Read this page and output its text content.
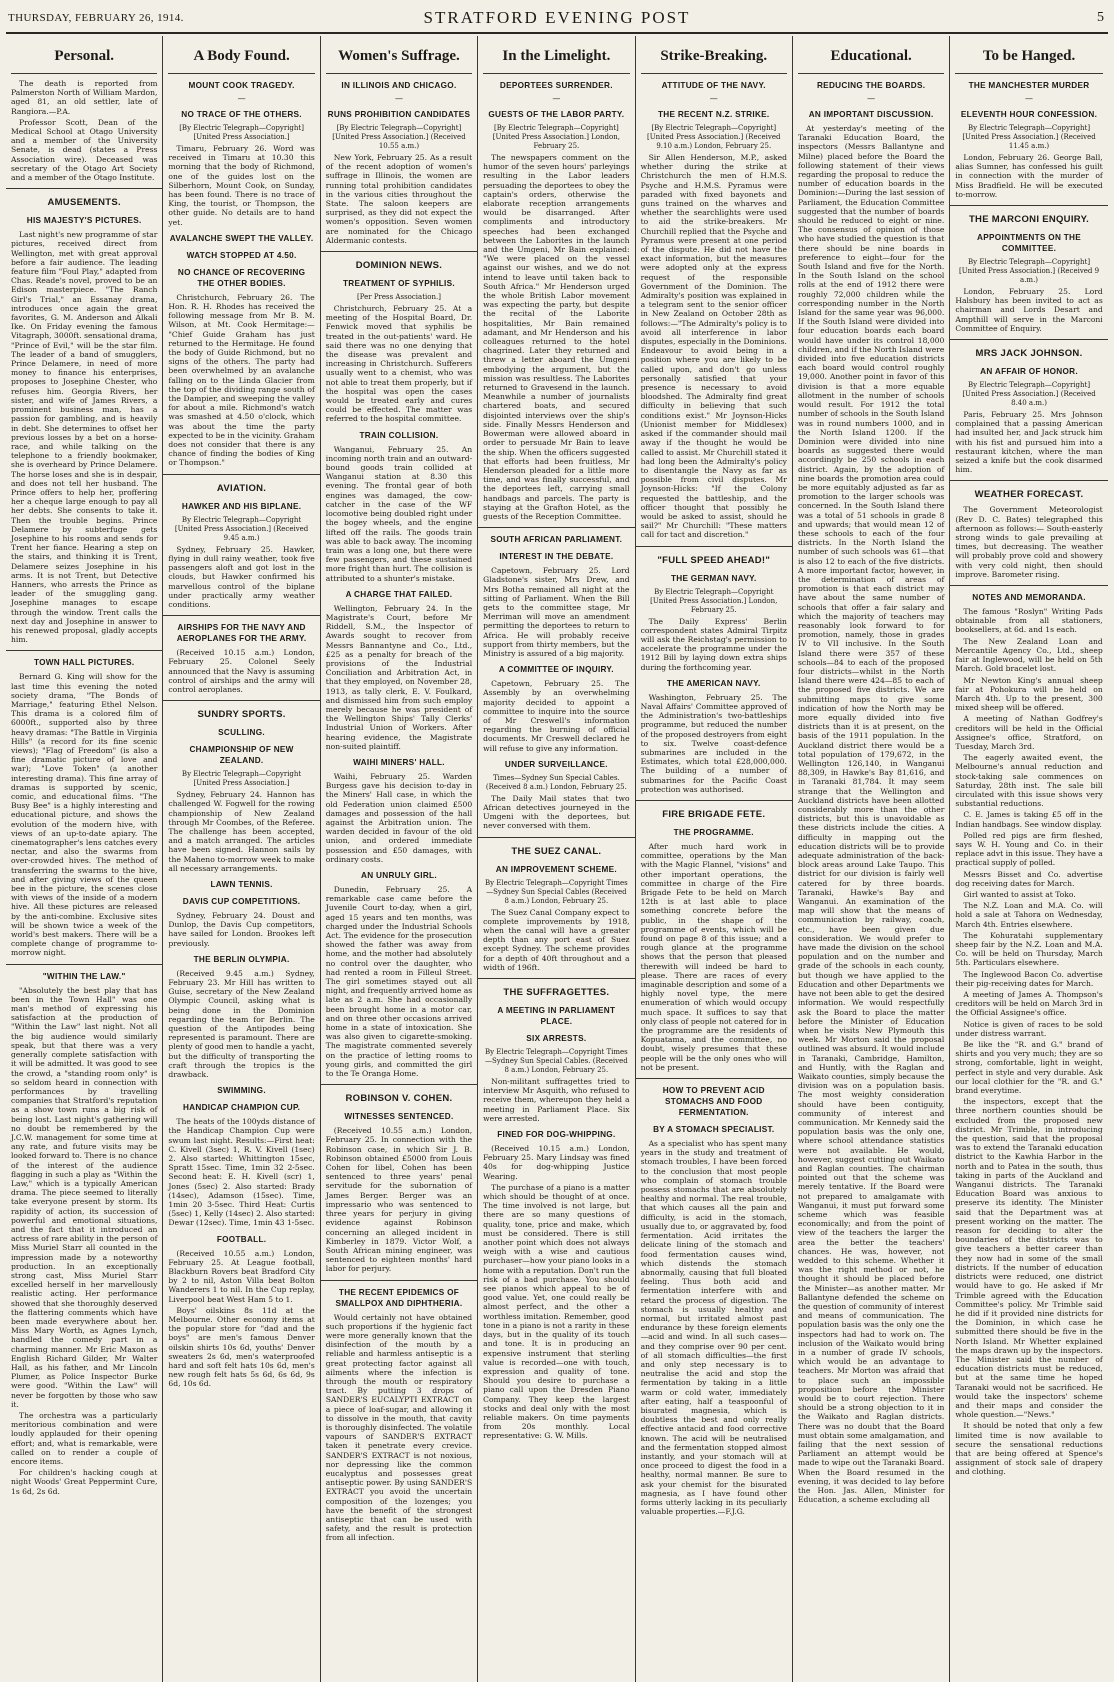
THURSDAY, FEBRUARY 26, 1914.	STRATFORD EVENING POST	5
Personal.
The death is reported from Palmerston North of William Mardon, aged 81, an old settler, late of Rangiora.—P.A.
Professor Scott, Dean of the Medical School at Otago University and a member of the University Senate, is dead (states a Press Association wire). Deceased was secretary of the Otago Art Society and a member of the Otago Institute.
AMUSEMENTS.
HIS MAJESTY'S PICTURES.
Last night's new programme of star pictures, received direct from Wellington, met with great approval before a fair audience. The leading feature film "Foul Play," adapted from Chas. Reade's novel, proved to be an Edison masterpiece. "The Ranch Girl's Trial," an Essanay drama, introduces once again the great favorites, G. M. Anderson and Alkali Ike. On Friday evening the famous Vitagraph, 3000ft. sensational drama, "Prince of Evil," will be the star film. The leader of a band of smugglers, Prince Delamere, in need of more money to finance his enterprises, proposes to Josephine Chester, who refuses him. Georgia Rivers, her sister, and wife of James Rivers, a prominent business man, has a passion for gambling, and is heavily in debt. She determines to offset her previous losses by a bet on a horse-race, and while talking on the telephone to a friendly bookmaker, she is overheard by Prince Delamere. The horse loses and she is in despair, and does not tell her husband. The Prince offers to help her, proffering her a cheque large enough to pay all her debts. She consents to take it. Then the trouble begins. Prince Delamere by subterfuge gets Josephine to his rooms and sends for Trent her fiance. Hearing a step on the stairs, and thinking it is Trent, Delamere seizes Josephine in his arms. It is not Trent, but Detective Hanners, who arrests the Prince as leader of the smuggling gang. Josephine manages to escape through the window. Trent calls the next day and Josephine in answer to his renewed proposal, gladly accepts him.
TOWN HALL PICTURES.
Bernard G. King will show for the last time this evening the noted society drama, "The Bonds of Marriage," featuring Ethel Nelson. This drama is a colored film of 6000ft., supported also by three heavy dramas: "The Battle in Virginia Hills" (a record for its fine scenic views); "Flag of Freedom" (is also a fine dramatic picture of love and war); "Love Token" (a another interesting drama). This fine array of dramas is supported by scenic, comic, and educational films. "The Busy Bee" is a highly interesting and educational picture, and shows the evolution of the modern hive, with views of an up-to-date apiary. The cinematographer's lens catches every nectar, and also the swarms from over-crowded hives. The method of transferring the swarms to the hive, and after giving views of the queen bee in the picture, the scenes close with views of the inside of a modern hive. All these pictures are released by the anti-combine. Exclusive sites will be shown twice a week of the world's best makers. There will be a complete change of programme to-morrow night.
"WITHIN THE LAW."
"Absolutely the best play that has been in the Town Hall" was one man's method of expressing his satisfaction at the production of "Within the Law" last night. Not all the big audience would similarly speak, but that there was a very generally complete satisfaction with it will be admitted. It was good to see the crowd, a "standing room only" is so seldom heard in connection with performances by travelling companies that Stratford's reputation as a show town runs a big risk of being lost. Last night's gathering will no doubt be remembered by the J.C.W. management for some time at any rate, and future visits may be looked forward to. There is no chance of the interest of the audience flagging in such a play as "Within the Law," which is a typically American drama. The piece seemed to literally take everyone present by storm. Its rapidity of action, its succession of powerful and emotional situations, and the fact that it introduced an actress of rare ability in the person of Miss Muriel Starr all counted in the impression made by a noteworthy production. In an exceptionally strong cast, Miss Muriel Starr excelled herself in her marvellously realistic acting. Her performance showed that she thoroughly deserved the flattering comments which have been made everywhere about her. Miss Mary Worth, as Agnes Lynch, handled the comedy part in a charming manner. Mr Eric Maxon as English Richard Gilder, Mr Walter Hall, as his father, and Mr Lincoln Plumer, as Police Inspector Burke were good. "Within the Law" will never be forgotten by those who saw it.
The orchestra was a particularly meritorious combination and were loudly applauded for their opening effort; and, what is remarkable, were called on to render a couple of encore items.
For children's hacking cough at night Woods' Great Peppermint Cure, 1s 6d, 2s 6d.
A Body Found.
MOUNT COOK TRAGEDY.
—
NO TRACE OF THE OTHERS.
[By Electric Telegraph—Copyright] [United Press Association.]
Timaru, February 26. Word was received in Timaru at 10.30 this morning that the body of Richmond, one of the guides lost on the Silberhorn, Mount Cook, on Sunday, has been found. There is no trace of King, the tourist, or Thompson, the other guide. No details are to hand yet.
AVALANCHE SWEPT THE VALLEY.
WATCH STOPPED AT 4.50.
NO CHANCE OF RECOVERING THE OTHER BODIES.
Christchurch, February 26. The Hon. R. H. Rhodes has received the following message from Mr B. M. Wilson, at Mt. Cook Hermitage:— "Chief Guide Graham has just returned to the Hermitage. He found the body of Guide Richmond, but no signs of the others. The party had been overwhelmed by an avalanche falling on to the Linda Glacier from the top of the dividing range south of the Dampier, and sweeping the valley for about a mile. Richmond's watch was smashed at 4.50 o'clock, which was about the time the party expected to be in the vicinity. Graham does not consider that there is any chance of finding the bodies of King or Thompson."
AVIATION.
HAWKER AND HIS BIPLANE.
By Electric Telegraph—Copyright [United Press Association.] (Received 9.45 a.m.)
Sydney, February 25. Hawker, flying in dull rainy weather, took five passengers aloft and got lost in the clouds, but Hawker confirmed his marvellous control of the biplane under practically army weather conditions.
AIRSHIPS FOR THE NAVY AND AEROPLANES FOR THE ARMY.
(Received 10.15 a.m.) London, February 25. Colonel Seely announced that the Navy is assuming control of airships and the army will control aeroplanes.
SUNDRY SPORTS.
SCULLING.
CHAMPIONSHIP OF NEW ZEALAND.
By Electric Telegraph—Copyright [United Press Association.]
Sydney, February 24. Hannon has challenged W. Fogwell for the rowing championship of New Zealand through Mr Coombes, of the Referee. The challenge has been accepted, and a match arranged. The articles have been signed. Hannon sails by the Maheno to-morrow week to make all necessary arrangements.
LAWN TENNIS.
DAVIS CUP COMPETITIONS.
Sydney, February 24. Doust and Dunlop, the Davis Cup competitors, have sailed for London. Brookes left previously.
THE BERLIN OLYMPIA.
(Received 9.45 a.m.) Sydney, February 23. Mr Hill has written to Guise, secretary of the New Zealand Olympic Council, asking what is being done in the Dominion regarding the team for Berlin. The question of the Antipodes being represented is paramount. There are plenty of good men to handle a yacht, but the difficulty of transporting the craft through the tropics is the drawback.
SWIMMING.
HANDICAP CHAMPION CUP.
The heats of the 100yds distance of the Handicap Champion Cup were swum last night. Results:—First heat: C. Kivell (3sec) 1, R. V. Kivell (1sec) 2. Also started: Whittington 15sec, Spratt 15sec. Time, 1min 32 2-5sec. Second heat: E. H. Kivell (scr) 1, Jones (5sec) 2. Also started: Brady (14sec), Adamson (15sec). Time, 1min 20 3-5sec. Third Heat: Curtis (5sec) 1, Kelly (14sec) 2. Also started: Dewar (12sec). Time, 1min 43 1-5sec.
FOOTBALL.
(Received 10.55 a.m.) London, February 25. At League football, Blackburn Rovers beat Bradford City by 2 to nil, Aston Villa beat Bolton Wanderers 1 to nil. In the Cup replay, Liverpool beat West Ham 5 to 1.
Boys' oilskins 8s 11d at the Melbourne. Other economy items at the popular store for "dad and the boys" are men's famous Denver oilskin shirts 10s 6d, youths' Denver sweaters 2s 6d, men's waterproofed hard and soft felt hats 10s 6d, men's new rough felt hats 5s 6d, 6s 6d, 9s 6d, 10s 6d.
Women's Suffrage.
IN ILLINOIS AND CHICAGO.
—
RUNS PROHIBITION CANDIDATES
[By Electric Telegraph—Copyright] [United Press Association.] (Received 10.55 a.m.)
New York, February 25. As a result of the recent adoption of women's suffrage in Illinois, the women are running total prohibition candidates in the various cities throughout the State. The saloon keepers are surprised, as they did not expect the women's opposition. Seven women are nominated for the Chicago Aldermanic contests.
DOMINION NEWS.
TREATMENT OF SYPHILIS.
[Per Press Association.]
Christchurch, February 25. At a meeting of the Hospital Board, Dr. Fenwick moved that syphilis be treated in the out-patients' ward. He said there was no one denying that the disease was prevalent and increasing in Christchurch. Sufferers usually went to a chemist, who was not able to treat them properly, but if the hospital was open the cases would be treated early and cures could be effected. The matter was referred to the hospital committee.
TRAIN COLLISION.
Wanganui, February 25. An incoming north train and an outward-bound goods train collided at Wanganui station at 8.30 this evening. The frontal gear of both engines was damaged, the cow-catcher in the case of the WF locomotive being doubled right under the bogey wheels, and the engine lifted off the rails. The goods train was able to back away. The incoming train was a long one, but there were few passengers, and these sustained more fright than hurt. The collision is attributed to a shunter's mistake.
A CHARGE THAT FAILED.
Wellington, February 24. In the Magistrate's Court, before Mr Riddell, S.M., the Inspector of Awards sought to recover from Messrs Bannantyne and Co., Ltd., £25 as a penalty for breach of the provisions of the Industrial Conciliation and Arbitration Act, in that they employed, on November 28, 1913, as tally clerk, E. V. Foulkard, and dismissed him from such employ merely because he was president of the Wellington Ships' Tally Clerks' Industrial Union of Workers. After hearing evidence, the Magistrate non-suited plaintiff.
WAIHI MINERS' HALL.
Waihi, February 25. Warden Burgess gave his decision to-day in the Miners' Hall case, in which the old Federation union claimed £500 damages and possession of the hall against the Arbitration union. The warden decided in favour of the old union, and ordered immediate possession and £50 damages, with ordinary costs.
AN UNRULY GIRL.
Dunedin, February 25. A remarkable case came before the Juvenile Court to-day, when a girl, aged 15 years and ten months, was charged under the Industrial Schools Act. The evidence for the prosecution showed the father was away from home, and the mother had absolutely no control over the daughter, who had rented a room in Filleul Street. The girl sometimes stayed out all night, and frequently arrived home as late as 2 a.m. She had occasionally been brought home in a motor car, and on three other occasions arrived home in a state of intoxication. She was also given to cigarette-smoking. The magistrate commented severely on the practice of letting rooms to young girls, and committed the girl to the Te Oranga Home.
ROBINSON V. COHEN.
WITNESSES SENTENCED.
(Received 10.55 a.m.) London, February 25. In connection with the Robinson case, in which Sir J. B. Robinson obtained £5000 from Louis Cohen for libel, Cohen has been sentenced to three years' penal servitude for the subornation of James Berger. Berger was an impressario who was sentenced to three years for perjury in giving evidence against Robinson concerning an alleged incident in Kimberley in 1879. Victor Wolf, a South African mining engineer, was sentenced to eighteen months' hard labor for perjury.
THE RECENT EPIDEMICS OF SMALLPOX AND DIPHTHERIA.
Would certainly not have obtained such proportions if the hygienic fact were more generally known that the disinfection of the mouth by a reliable and harmless antiseptic is a great protecting factor against all ailments where the infection is through the mouth or respiratory tract. By putting 3 drops of SANDER'S EUCALYPTI EXTRACT on a piece of loaf-sugar, and allowing it to dissolve in the mouth, that cavity is thoroughly disinfected. The volatile vapours of SANDER'S EXTRACT taken it penetrate every crevice. SANDER'S EXTRACT is not noxious, nor depressing like the common eucalyptus and possesses great antiseptic power. By using SANDER'S EXTRACT you avoid the uncertain composition of the lozenges; you have the benefit of the strongest antiseptic that can be used with safety, and the result is protection from all infection.
In the Limelight.
DEPORTEES SURRENDER.
—
GUESTS OF THE LABOR PARTY.
[By Electric Telegraph—Copyright] [United Press Association.] London, February 25.
The newspapers comment on the humor of the seven hours' parleyings resulting in the Labor leaders persuading the deportees to obey the captain's orders, otherwise the elaborate reception arrangements would be disarranged. After compliments and introductory speeches had been exchanged between the Laborites in the launch and the Umgeni, Mr Bain explained: "We were placed on the vessel against our wishes, and we do not intend to leave until taken back to South Africa." Mr Henderson urged the whole British Labor movement was expecting the party, but despite the recital of the Laborite hospitalities, Mr Bain remained adamant, and Mr Henderson and his colleagues returned to the hotel chagrined. Later they returned and threw a letter aboard the Umgeni embodying the argument, but the mission was resultless. The Laborites returned to Gravesend in the launch. Meanwhile a number of journalists chartered boats, and secured disjointed interviews over the ship's side. Finally Messrs Henderson and Bowerman were allowed aboard in order to persuade Mr Bain to leave the ship. When the officers suggested that efforts had been fruitless, Mr Henderson pleaded for a little more time, and was finally successful, and the deportees left, carrying small handbags and parcels. The party is staying at the Grafton Hotel, as the guests of the Reception Committee.
SOUTH AFRICAN PARLIAMENT.
INTEREST IN THE DEBATE.
Capetown, February 25. Lord Gladstone's sister, Mrs Drew, and Mrs Botha remained all night at the sitting of Parliament. When the Bill gets to the committee stage, Mr Merriman will move an amendment permitting the deportees to return to Africa. He will probably receive support from thirty members, but the Ministry is assured of a big majority.
A COMMITTEE OF INQUIRY.
Capetown, February 25. The Assembly by an overwhelming majority decided to appoint a committee to inquire into the source of Mr Creswell's information regarding the burning of official documents. Mr Creswell declared he will refuse to give any information.
UNDER SURVEILLANCE.
Times—Sydney Sun Special Cables. (Received 8 a.m.) London, February 25.
The Daily Mail states that two African detectives journeyed in the Umgeni with the deportees, but never conversed with them.
THE SUEZ CANAL.
AN IMPROVEMENT SCHEME.
By Electric Telegraph—Copyright Times—Sydney Sun Special Cables (Received 8 a.m.) London, February 25.
The Suez Canal Company expect to complete improvements by 1918, when the canal will have a greater depth than any port east of Suez except Sydney. The scheme provides for a depth of 40ft throughout and a width of 196ft.
THE SUFFRAGETTES.
A MEETING IN PARLIAMENT PLACE.
SIX ARRESTS.
By Electric Telegraph—Copyright Times—Sydney Sun Special Cables. (Received 8 a.m.) London, February 25.
Non-militant suffragettes tried to interview Mr Asquith, who refused to receive them, whereupon they held a meeting in Parliament Place. Six were arrested.
FINED FOR DOG-WHIPPING.
(Received 10.15 a.m.) London, February 25. Mary Lindsay was fined 40s for dog-whipping Justice Wearing.
The purchase of a piano is a matter which should be thought of at once. The time involved is not large, but there are so many questions of quality, tone, price and make, which must be considered. There is still another point which does not always weigh with a wise and cautious purchaser—how your piano looks in a home with a reputation. Don't run the risk of a bad purchase. You should see pianos which appeal to be of good value. Yet, one could really be almost perfect, and the other a worthless imitation. Remember, good tone in a piano is not a rarity in these days, but in the quality of its touch and tone. It is in producing an expensive instrument that sterling value is recorded—one with touch, expression and quality of tone. Should you desire to purchase a piano call upon the Dresden Piano Company. They keep the largest stocks and deal only with the most reliable makers. On time payments from 20s monthly. Local representative: G. W. Mills.
Strike-Breaking.
ATTITUDE OF THE NAVY.
—
THE RECENT N.Z. STRIKE.
[By Electric Telegraph—Copyright] [United Press Association.] (Received 9.10 a.m.) London, February 25.
Sir Allen Henderson, M.P., asked whether during the strike at Christchurch the men of H.M.S. Psyche and H.M.S. Pyramus were paraded with fixed bayonets and guns trained on the wharves and whether the searchlights were used to aid the strike-breakers. Mr Churchill replied that the Psyche and Pyramus were present at one period of the dispute. He did not have the exact information, but the measures were adopted only at the express request of the responsible Government of the Dominion. The Admiralty's position was explained in a telegram sent to the senior officer in New Zealand on October 28th as follows:—"The Admiralty's policy is to avoid all interference in labor disputes, especially in the Dominions. Endeavour to avoid being in a position where you are likely to be called upon, and don't go unless personally satisfied that your presence is necessary to avoid bloodshed. The Admiralty find great difficulty in believing that such conditions exist." Mr Joynson-Hicks (Unionist member for Middlesex) asked if the commander should mail away if the thought he would be called to assist. Mr Churchill stated it had long been the Admiralty's policy to disentangle the Navy as far as possible from civil disputes. Mr Joynson-Hicks: "If the Colony requested the battleship, and the officer thought that possibly he would be asked to assist, should he sail?" Mr Churchill: "These matters call for tact and discretion."
"FULL SPEED AHEAD!"
THE GERMAN NAVY.
By Electric Telegraph—Copyright [United Press Association.] London, February 25.
The Daily Express' Berlin correspondent states Admiral Tirpitz will ask the Reichstag's permission to accelerate the programme under the 1912 Bill by laying down extra ships during the forthcoming year.
THE AMERICAN NAVY.
Washington, February 25. The Naval Affairs' Committee approved of the Administration's two-battleships programme, but reduced the number of the proposed destroyers from eight to six. Twelve coast-defence submarines are included in the Estimates, which total £28,000,000. The building of a number of submarines for the Pacific Coast protection was authorised.
FIRE BRIGADE FETE.
THE PROGRAMME.
After much hard work in committee, operations by the Man with the Magic Flannel, "visions" and other important operations, the committee in charge of the Fire Brigade Fete to be held on March 12th is at last able to place something concrete before the public, in the shape of the programme of events, which will be found on page 8 of this issue; and a rough glance at the programme shows that the person that pleased therewith will indeed be hard to please. There are races of every imaginable description and some of a highly novel type, the mere enumeration of which would occupy much space. It suffices to say that only class of people not catered for in the programme are the residents of Kopuatama, and the committee, no doubt, wisely presumes that these people will be the only ones who will not be present.
HOW TO PREVENT ACID STOMACHS AND FOOD FERMENTATION.
BY A STOMACH SPECIALIST.
As a specialist who has spent many years in the study and treatment of stomach troubles, I have been forced to the conclusion that most people who complain of stomach trouble possess stomachs that are absolutely healthy and normal. The real trouble, that which causes all the pain and difficulty, is acid in the stomach, usually due to, or aggravated by, food fermentation. Acid irritates the delicate lining of the stomach and food fermentation causes wind, which distends the stomach abnormally, causing that full bloated feeling. Thus both acid and fermentation interfere with and retard the process of digestion. The stomach is usually healthy and normal, but irritated almost past endurance by these foreign elements—acid and wind. In all such cases—and they comprise over 90 per cent. of all stomach difficulties—the first and only step necessary is to neutralise the acid and stop the fermentation by taking in a little warm or cold water, immediately after eating, half a teaspoonful of bisurated magnesia, which is doubtless the best and only really effective antacid and food corrective known. The acid will be neutralised and the fermentation stopped almost instantly, and your stomach will at once proceed to digest the food in a healthy, normal manner. Be sure to ask your chemist for the bisurated magnesia, as I have found other forms utterly lacking in its peculiarly valuable properties.—F.J.G.
Educational.
REDUCING THE BOARDS.
—
AN IMPORTANT DISCUSSION.
At yesterday's meeting of the Taranaki Education Board, the inspectors (Messrs Ballantyne and Milne) placed before the Board the following statement of their views regarding the proposal to reduce the number of education boards in the Dominion:—During the last session of Parliament, the Education Committee suggested that the number of boards should be reduced to eight or nine. The consensus of opinion of those who have studied the question is that there should be nine boards in preference to eight—four for the South Island and five for the North. In the South Island on the school rolls at the end of 1912 there were roughly 72,000 children while the corresponding number in the North Island for the same year was 96,000. If the South Island were divided into four education boards each board would have under its control 18,000 children, and if the North Island were divided into five education districts each board would control roughly 19,000. Another point in favor of this division is that a more equable allotment in the number of schools would result. For 1912 the total number of schools in the South Island was in round numbers 1000, and in the North Island 1200. If the Dominion were divided into nine boards as suggested there would accordingly be 250 schools in each district. Again, by the adoption of nine boards the promotion area could be more equitably adjusted as far as promotion to the larger schools was concerned. In the South Island there was a total of 51 schools in grade 8 and upwards; that would mean 12 of these schools to each of the four districts. In the North Island the number of such schools was 61—that is also 12 to each of the five districts. A more important factor, however, in the determination of areas of promotion is that each district may have about the same number of schools that offer a fair salary and which the majority of teachers may reasonably look forward to for promotion, namely, those in grades IV to VII inclusive. In the South Island there were 357 of these schools—84 to each of the proposed four districts—whilst in the North Island there were 424—85 to each of the proposed five districts. We are submitting maps to give some indication of how the North may be more equally divided into five districts than it is at present, on the basis of the 1911 population. In the Auckland district there would be a total population of 179,672, in the Wellington 126,140, in Wanganui 88,309, in Hawke's Bay 81,616, and in Taranaki 81,784. It may seem strange that the Wellington and Auckland districts have been allotted considerably more than the other districts, but this is unavoidable as these districts include the cities. A difficulty in mapping out the education districts will be to provide adequate administration of the back-block areas around Lake Taupo. This district for our division is fairly well catered for by three boards. Taranaki, Hawke's Bay and Wanganui. An examination of the map will show that the means of communication by railway, coach, etc., have been given due consideration. We would prefer to have made the division on the school population and on the number and grade of the schools in each county, but though we have applied to the Education and other Departments we have not been able to get the desired information. We would respectfully ask the Board to place the matter before the Minister of Education when he visits New Plymouth this week. Mr Morton said the proposal outlined was absurd. It would include in Taranaki, Cambridge, Hamilton, and Huntly, with the Raglan and Waikato counties, simply because the division was on a population basis. The most weighty consideration should have been contiguity, community of interest and communication. Mr Kennedy said the population basis was the only one, where school attendance statistics were not available. He would, however, suggest cutting out Waikato and Raglan counties. The chairman pointed out that the scheme was merely tentative. If the Board were not prepared to amalgamate with Wanganui, it must put forward some scheme which was feasible economically; and from the point of view of the teachers the larger the area the better the teachers' chances. He was, however, not wedded to this scheme. Whether it was the right method or not, he thought it should be placed before the Minister—as another matter. Mr Ballantyne defended the scheme on the question of community of interest and means of communication. The population basis was the only one the inspectors had had to work on. The inclusion of the Waikato would bring in a number of grade IV schools, which would be an advantage to teachers. Mr Morton was afraid that to place such an impossible proposition before the Minister would be to court rejection. There should be a strong objection to it in the Waikato and Raglan districts. There was no doubt that the Board must obtain some amalgamation, and failing that the next session of Parliament an attempt would be made to wipe out the Taranaki Board. When the Board resumed in the evening, it was decided to lay before the Hon. Jas. Allen, Minister for Education, a scheme excluding all
To be Hanged.
THE MANCHESTER MURDER
—
ELEVENTH HOUR CONFESSION.
By Electric Telegraph—Copyright] [United Press Association.] (Received 11.45 a.m.)
London, February 26. George Ball, alias Sumner, has confessed his guilt in connection with the murder of Miss Bradfield. He will be executed to-morrow.
THE MARCONI ENQUIRY.
APPOINTMENTS ON THE COMMITTEE.
By Electric Telegraph—Copyright] [United Press Association.] (Received 9 a.m.)
London, February 25. Lord Halsbury has been invited to act as chairman and Lords Desart and Ampthill will serve in the Marconi Committee of Enquiry.
MRS JACK JOHNSON.
AN AFFAIR OF HONOR.
By Electric Telegraph—Copyright] [United Press Association.] (Received 8.40 a.m.)
Paris, February 25. Mrs Johnson complained that a passing American had insulted her, and Jack struck him with his fist and pursued him into a restaurant kitchen, where the man seized a knife but the cook disarmed him.
WEATHER FORECAST.
The Government Meteorologist (Rev D. C. Bates) telegraphed this afternoon as follows:— South-easterly strong winds to gale prevailing at times, but decreasing. The weather will probably prove cold and showery with very cold night, then should improve. Barometer rising.
NOTES AND MEMORANDA.
The famous "Roslyn" Writing Pads obtainable from all stationers, booksellers, at 6d. and 1s each.
The New Zealand Loan and Mercantile Agency Co., Ltd., sheep fair at Inglewood, will be held on 5th March. Gold bracelet lost.
Mr Newton King's annual sheep fair at Pohokura will be held on March 4th. Up to the present, 300 mixed sheep will be offered.
A meeting of Nathan Godfrey's creditors will be held in the Official Assignee's office, Stratford, on Tuesday, March 3rd.
The eagerly awaited event, the Melbourne's annual reduction and stock-taking sale commences on Saturday, 28th inst. The sale bill circulated with this issue shows very substantial reductions.
C. E. James is taking £5 off in the Indian handbags. See window display.
Polled red pigs are firm fleshed, says W. H. Young and Co. in their replace advt in this issue. They have a practical supply of polled.
Messrs Bisset and Co. advertise dog receiving dates for March.
Girl wanted to assist at Toko.
The N.Z. Loan and M.A. Co. will hold a sale at Tahora on Wednesday, March 4th. Entries elsewhere.
The Kohuratahi supplementary sheep fair by the N.Z. Loan and M.A. Co. will be held on Thursday, March 5th. Particulars elsewhere.
The Inglewood Bacon Co. advertise their pig-receiving dates for March.
A meeting of James A. Thompson's creditors will be held on March 3rd in the Official Assignee's office.
Notice is given of races to be sold under distress warrant.
Be like the "R. and G." brand of shirts and you very much; they are so strong, comfortable, light in weight, perfect in style and very durable. Ask our local clothier for the "R. and G." brand everytime.
the inspectors, except that the three northern counties should be excluded from the proposed new district. Mr Trimble, in introducing the question, said that the proposal was to extend the Taranaki education district to the Kawhia Harbor in the north and to Patea in the south, thus taking in parts of the Auckland and Wanganui districts. The Taranaki Education Board was anxious to preserve its identity. The Minister said that the Department was at present working on the matter. The reason for deciding to alter the boundaries of the districts was to give teachers a better career than they now had in some of the small districts. If the number of education districts were reduced, one district would have to go. He asked if Mr Trimble agreed with the Education Committee's policy. Mr Trimble said he did if it provided nine districts for the Dominion, in which case he submitted there should be five in the North Island. Mr Whetter explained the maps drawn up by the inspectors. The Minister said the number of education districts must be reduced, but at the same time he hoped Taranaki would not be sacrificed. He would take the inspectors' scheme and their maps and consider the whole question.—"News."
It should be noted that only a few limited time is now available to secure the sensational reductions that are being offered at Spence's assignment of stock sale of drapery and clothing.
